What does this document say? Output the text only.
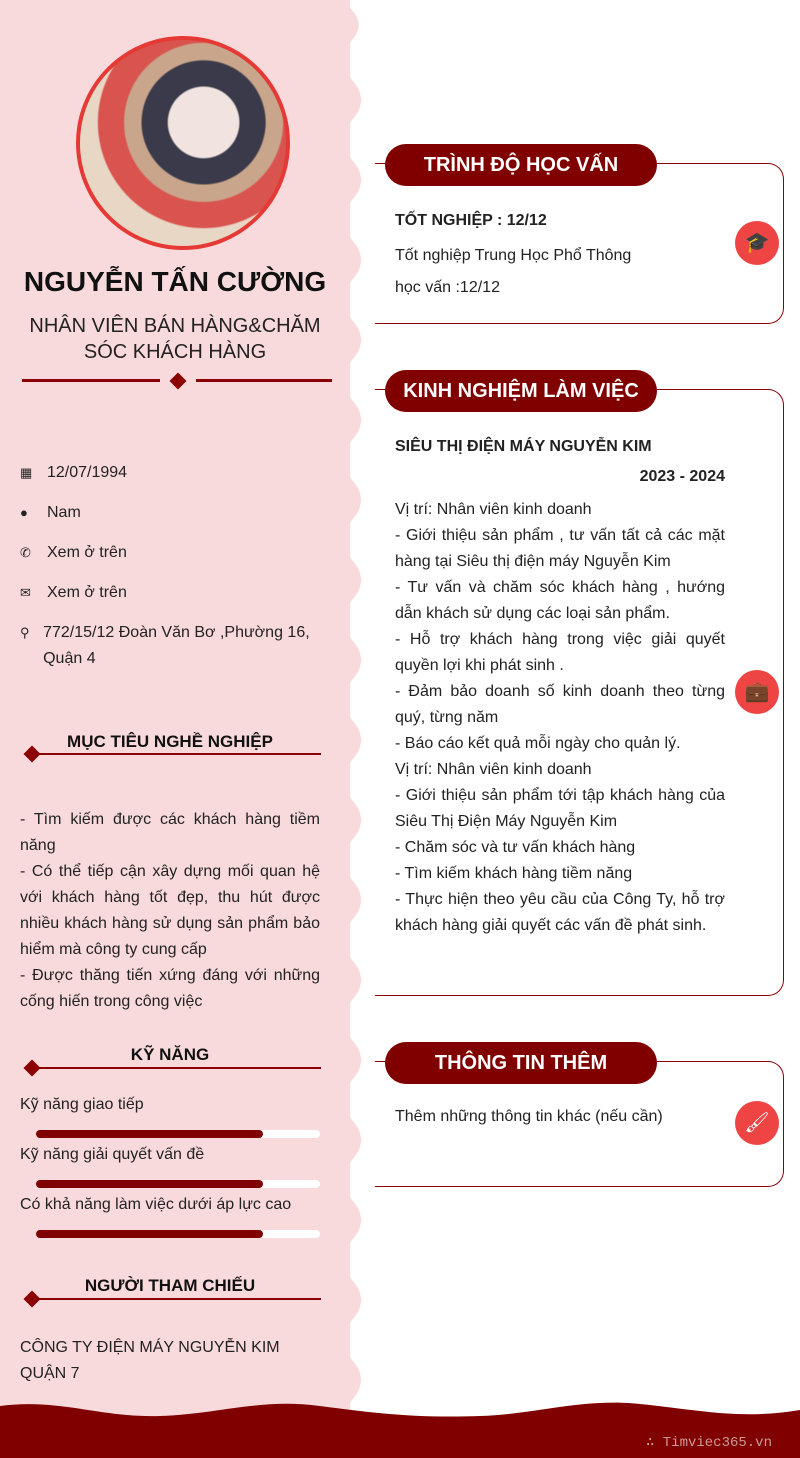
NGUYỄN TẤN CƯỜNG
NHÂN VIÊN BÁN HÀNG&CHĂM SÓC KHÁCH HÀNG
▦ 12/07/1994
●	Nam
✆	Xem ở trên
✉	Xem ở trên
⚲ 772/15/12 Đoàn Văn Bơ ,Phường 16, Quận 4
MỤC TIÊU NGHỀ NGHIỆP
- Tìm kiếm được các khách hàng tiềm năng
- Có thể tiếp cận xây dựng mối quan hệ với khách hàng tốt đẹp, thu hút được nhiều khách hàng sử dụng sản phẩm bảo hiểm mà công ty cung cấp
- Được thăng tiến xứng đáng với những cống hiến trong công việc
KỸ NĂNG
Kỹ năng giao tiếp
Kỹ năng giải quyết vấn đề
Có khả năng làm việc dưới áp lực cao
NGƯỜI THAM CHIẾU
CÔNG TY ĐIỆN MÁY NGUYỄN KIM QUẬN 7
TRÌNH ĐỘ HỌC VẤN
🎓
TỐT NGHIỆP : 12/12
Tốt nghiệp Trung Học Phổ Thông
học vấn :12/12
KINH NGHIỆM LÀM VIỆC
💼
SIÊU THỊ ĐIỆN MÁY NGUYỄN KIM
2023 - 2024
Vị trí: Nhân viên kinh doanh
- Giới thiệu sản phẩm , tư vấn tất cả các mặt hàng tại Siêu thị điện máy Nguyễn Kim
- Tư vấn và chăm sóc khách hàng , hướng dẫn khách sử dụng các loại sản phẩm.
- Hỗ trợ khách hàng trong việc giải quyết quyền lợi khi phát sinh .
- Đảm bảo doanh số kinh doanh theo từng quý, từng năm
- Báo cáo kết quả mỗi ngày cho quản lý.
Vị trí: Nhân viên kinh doanh
- Giới thiệu sản phẩm tới tập khách hàng của Siêu Thị Điện Máy Nguyễn Kim
- Chăm sóc và tư vấn khách hàng
- Tìm kiếm khách hàng tiềm năng
- Thực hiện theo yêu cầu của Công Ty, hỗ trợ khách hàng giải quyết các vấn đề phát sinh.
THÔNG TIN THÊM
🖌
Thêm những thông tin khác (nếu cần)
∴ Timviec365.vn
